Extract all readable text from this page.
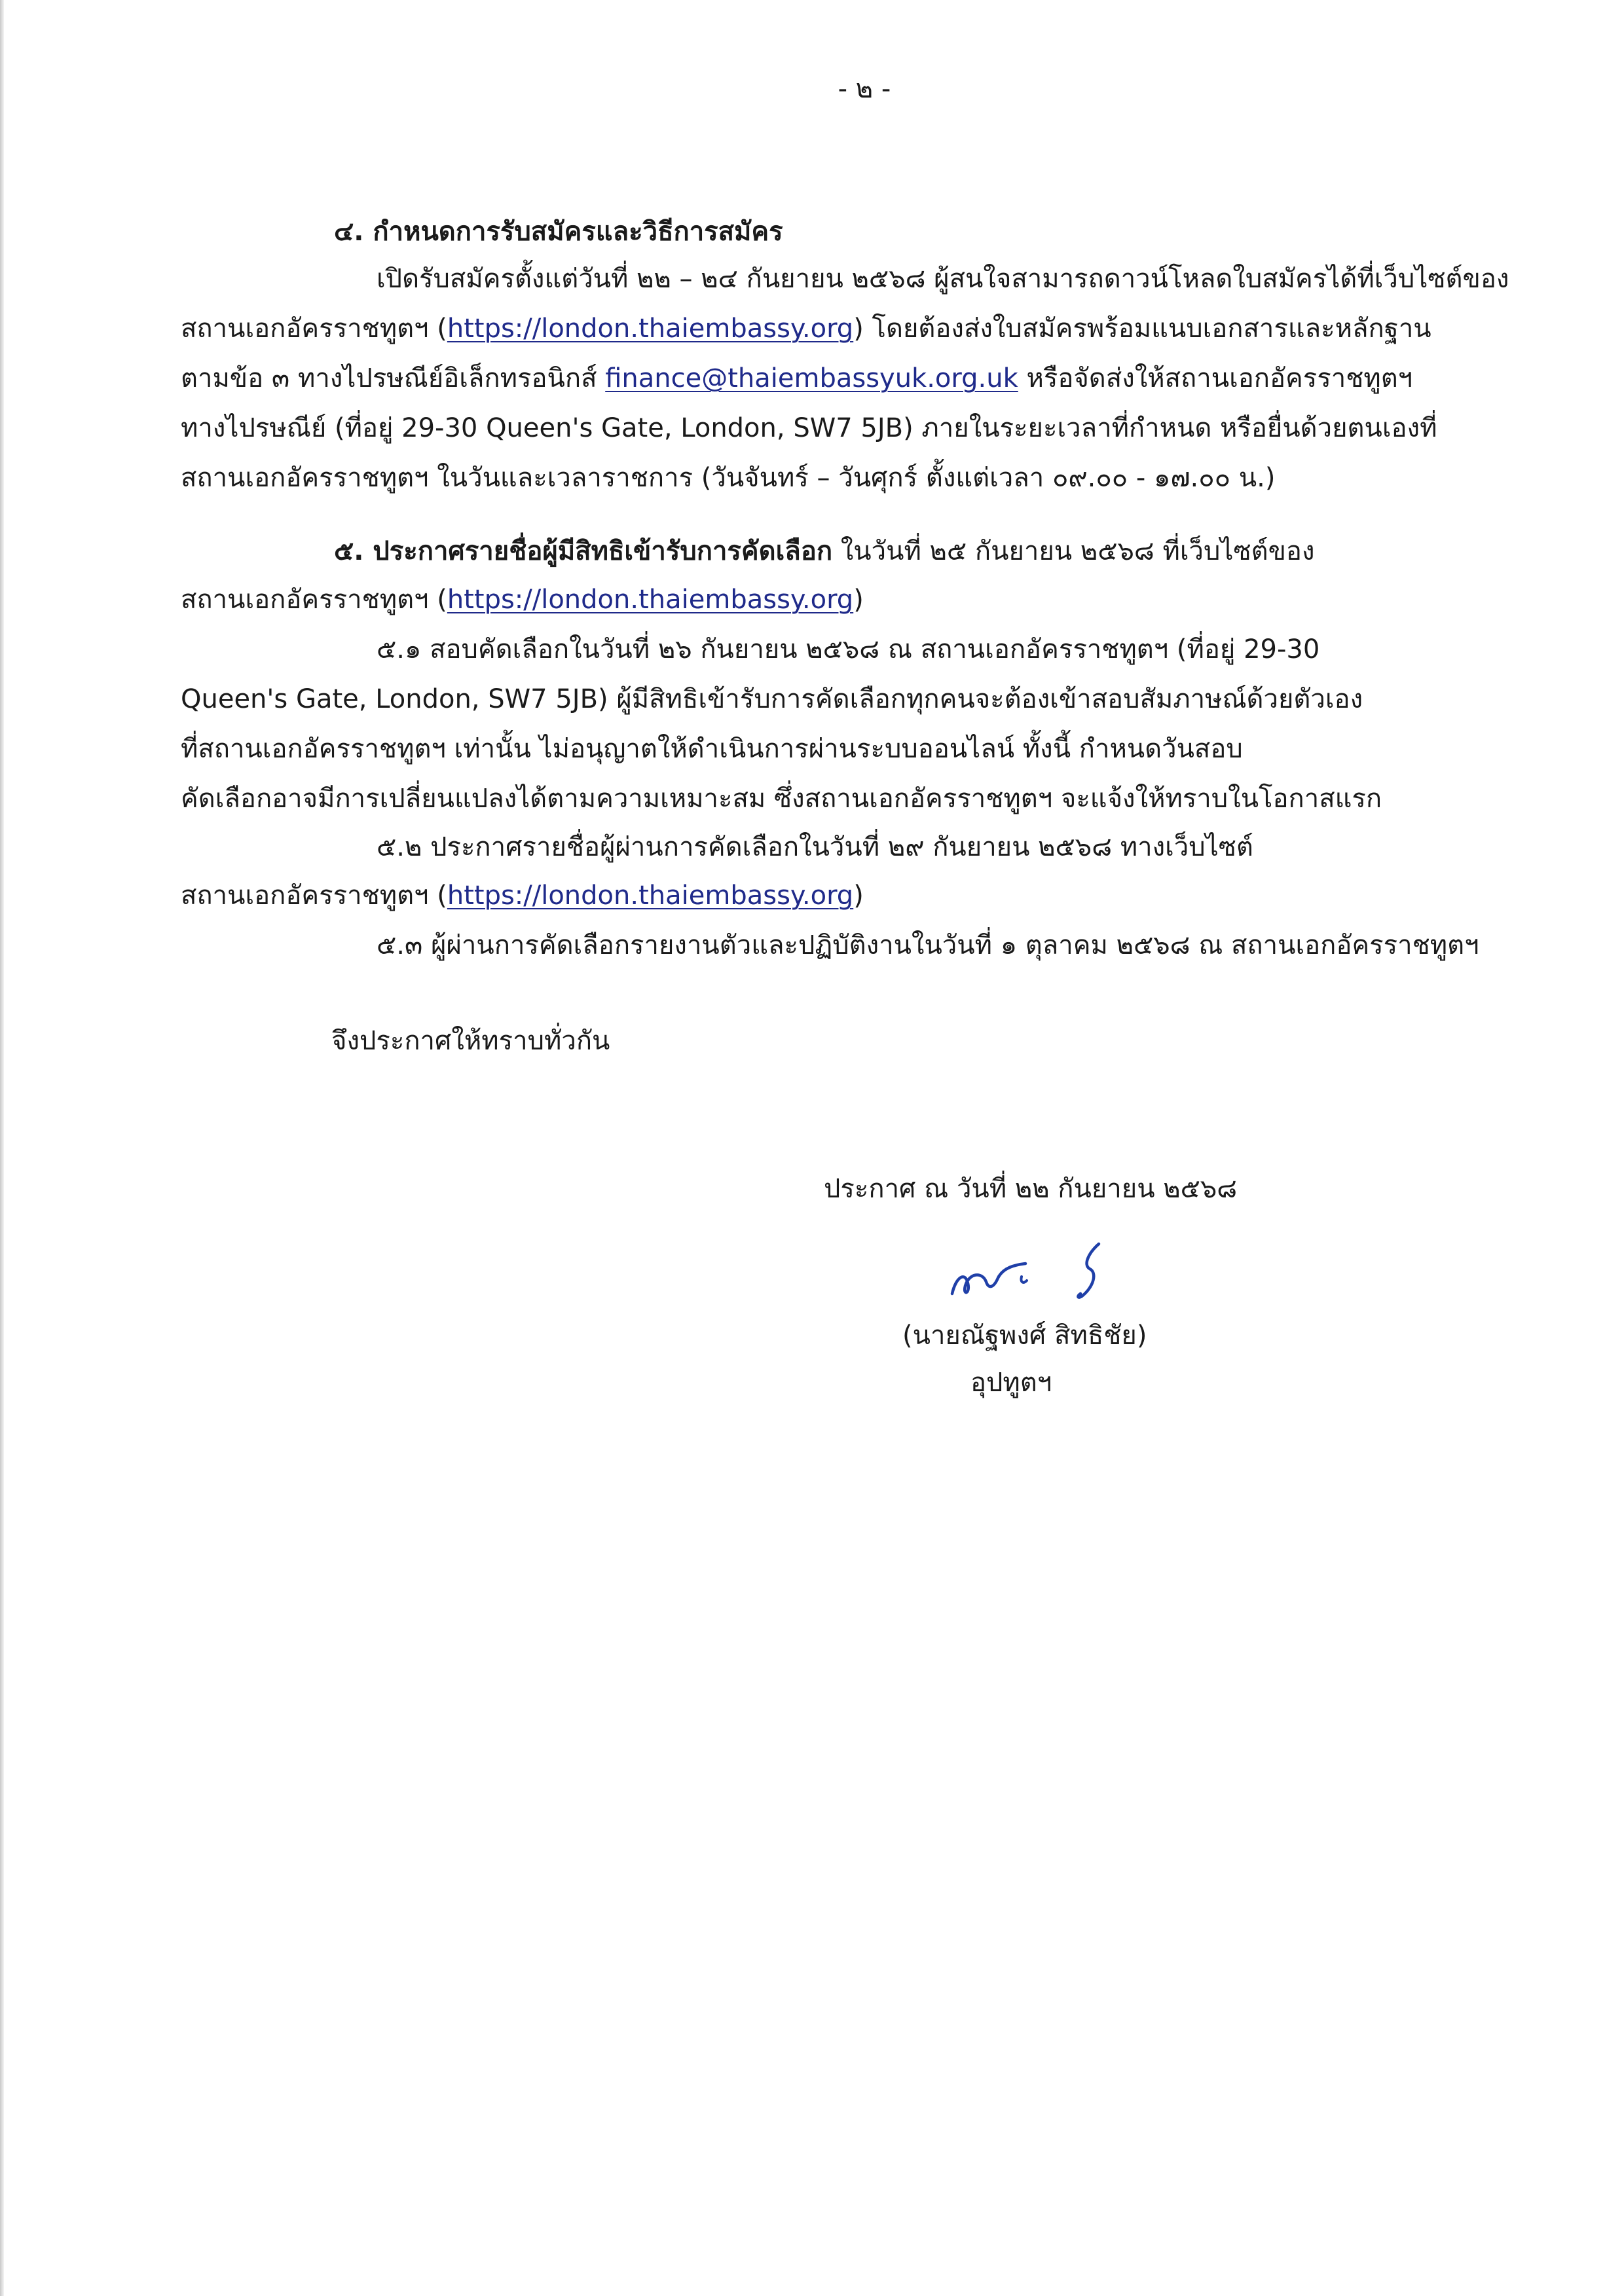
- ๒ -
๔. กำหนดการรับสมัครและวิธีการสมัคร
เปิดรับสมัครตั้งแต่วันที่ ๒๒ – ๒๔ กันยายน ๒๕๖๘ ผู้สนใจสามารถดาวน์โหลดใบสมัครได้ที่เว็บไซต์ของ
สถานเอกอัครราชทูตฯ (https://london.thaiembassy.org) โดยต้องส่งใบสมัครพร้อมแนบเอกสารและหลักฐาน
ตามข้อ ๓ ทางไปรษณีย์อิเล็กทรอนิกส์ finance@thaiembassyuk.org.uk หรือจัดส่งให้สถานเอกอัครราชทูตฯ
ทางไปรษณีย์ (ที่อยู่ 29-30 Queen's Gate, London, SW7 5JB) ภายในระยะเวลาที่กำหนด หรือยื่นด้วยตนเองที่
สถานเอกอัครราชทูตฯ ในวันและเวลาราชการ (วันจันทร์ – วันศุกร์ ตั้งแต่เวลา ๐๙.๐๐ - ๑๗.๐๐ น.)
๕. ประกาศรายชื่อผู้มีสิทธิเข้ารับการคัดเลือก ในวันที่ ๒๕ กันยายน ๒๕๖๘ ที่เว็บไซต์ของ
สถานเอกอัครราชทูตฯ (https://london.thaiembassy.org)
๕.๑ สอบคัดเลือกในวันที่ ๒๖ กันยายน ๒๕๖๘ ณ สถานเอกอัครราชทูตฯ (ที่อยู่ 29-30
Queen's Gate, London, SW7 5JB) ผู้มีสิทธิเข้ารับการคัดเลือกทุกคนจะต้องเข้าสอบสัมภาษณ์ด้วยตัวเอง
ที่สถานเอกอัครราชทูตฯ เท่านั้น ไม่อนุญาตให้ดำเนินการผ่านระบบออนไลน์ ทั้งนี้ กำหนดวันสอบ
คัดเลือกอาจมีการเปลี่ยนแปลงได้ตามความเหมาะสม ซึ่งสถานเอกอัครราชทูตฯ จะแจ้งให้ทราบในโอกาสแรก
๕.๒ ประกาศรายชื่อผู้ผ่านการคัดเลือกในวันที่ ๒๙ กันยายน ๒๕๖๘ ทางเว็บไซต์
สถานเอกอัครราชทูตฯ (https://london.thaiembassy.org)
๕.๓ ผู้ผ่านการคัดเลือกรายงานตัวและปฏิบัติงานในวันที่ ๑ ตุลาคม ๒๕๖๘ ณ สถานเอกอัครราชทูตฯ
จึงประกาศให้ทราบทั่วกัน
ประกาศ ณ วันที่ ๒๒ กันยายน ๒๕๖๘
(นายณัฐพงศ์ สิทธิชัย)
อุปทูตฯ
